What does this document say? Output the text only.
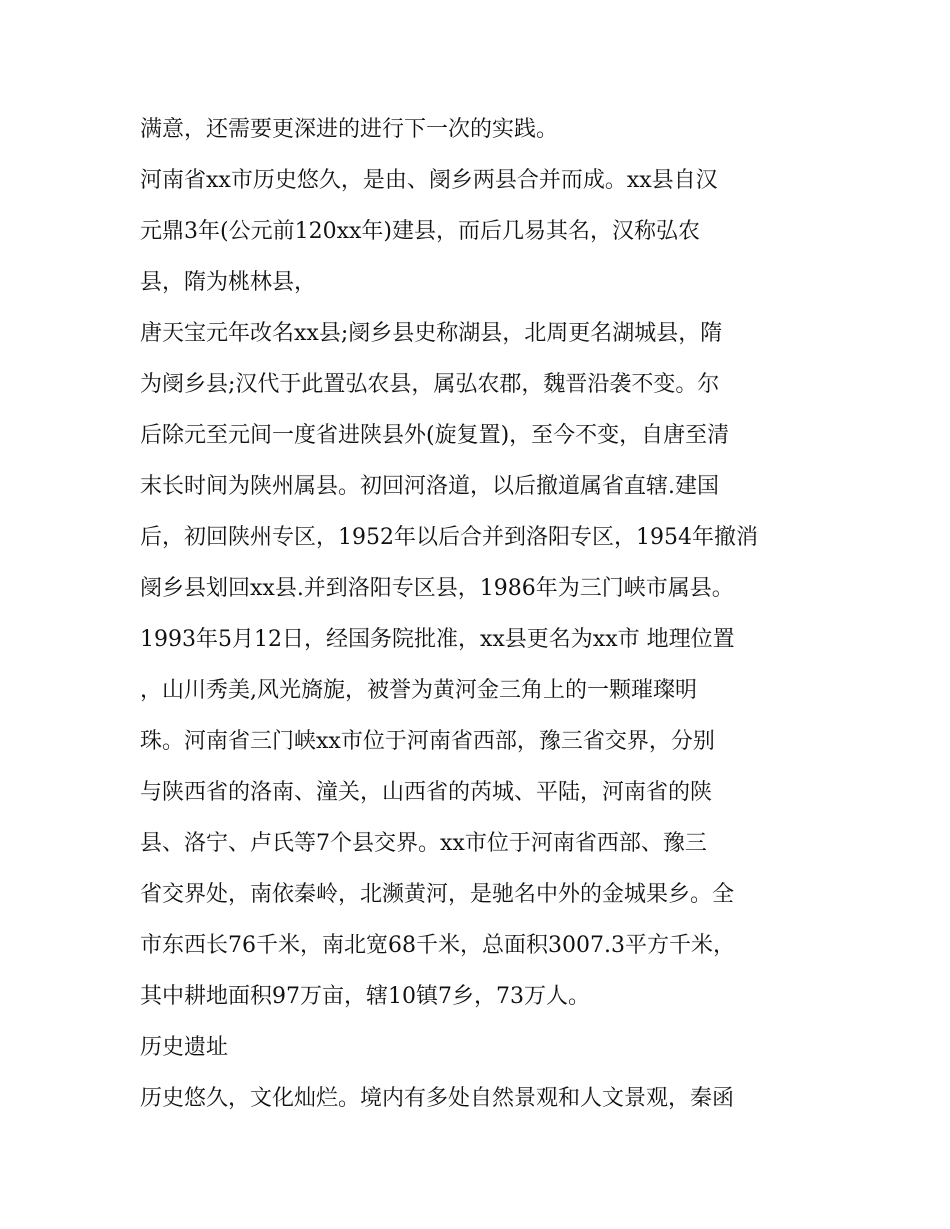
满意，还需要更深进的进行下一次的实践。
河南省xx市历史悠久，是由、阌乡两县合并而成。xx县自汉
元鼎3年(公元前120xx年)建县，而后几易其名，汉称弘农
县，隋为桃林县，
唐天宝元年改名xx县;阌乡县史称湖县，北周更名湖城县，隋
为阌乡县;汉代于此置弘农县，属弘农郡，魏晋沿袭不变。尔
后除元至元间一度省进陕县外(旋复置)，至今不变，自唐至清
末长时间为陕州属县。初回河洛道，以后撤道属省直辖.建国
后，初回陕州专区，1952年以后合并到洛阳专区，1954年撤消
阌乡县划回xx县.并到洛阳专区县，1986年为三门峡市属县。
1993年5月12日，经国务院批准，xx县更名为xx市 地理位置
，山川秀美,风光旖旎，被誉为黄河金三角上的一颗璀璨明
珠。河南省三门峡xx市位于河南省西部，豫三省交界，分别
与陕西省的洛南、潼关，山西省的芮城、平陆，河南省的陕
县、洛宁、卢氏等7个县交界。xx市位于河南省西部、豫三
省交界处，南依秦岭，北濒黄河，是驰名中外的金城果乡。全
市东西长76千米，南北宽68千米，总面积3007.3平方千米，
其中耕地面积97万亩，辖10镇7乡，73万人。
历史遗址
历史悠久，文化灿烂。境内有多处自然景观和人文景观，秦函
